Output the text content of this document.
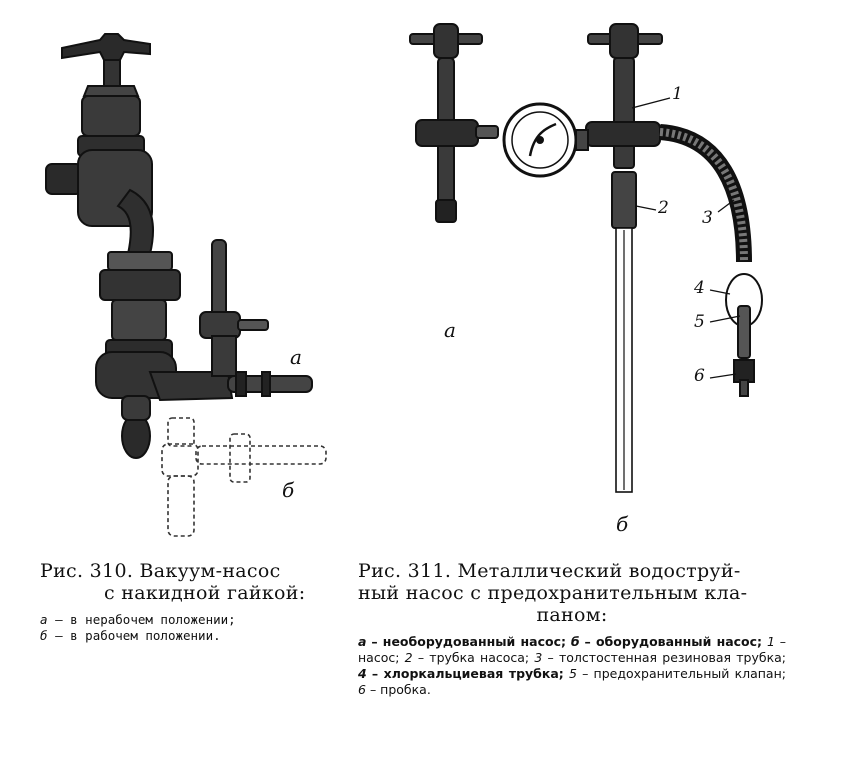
а
б
1
2 3
4
5
6
а
б
Рис. 310. Вакуум-насос
с накидной гайкой:
а – в нерабочем положении;
б – в рабочем положении.
Рис. 311. Металлический водоструй-
ный насос с предохранительным кла-
паном:
а – необорудованный насос; б – оборудованный насос; 1 – насос; 2 – трубка насоса; 3 – толстостенная резиновая трубка; 4 – хлоркальциевая трубка; 5 – предохранительный клапан; 6 – пробка.
